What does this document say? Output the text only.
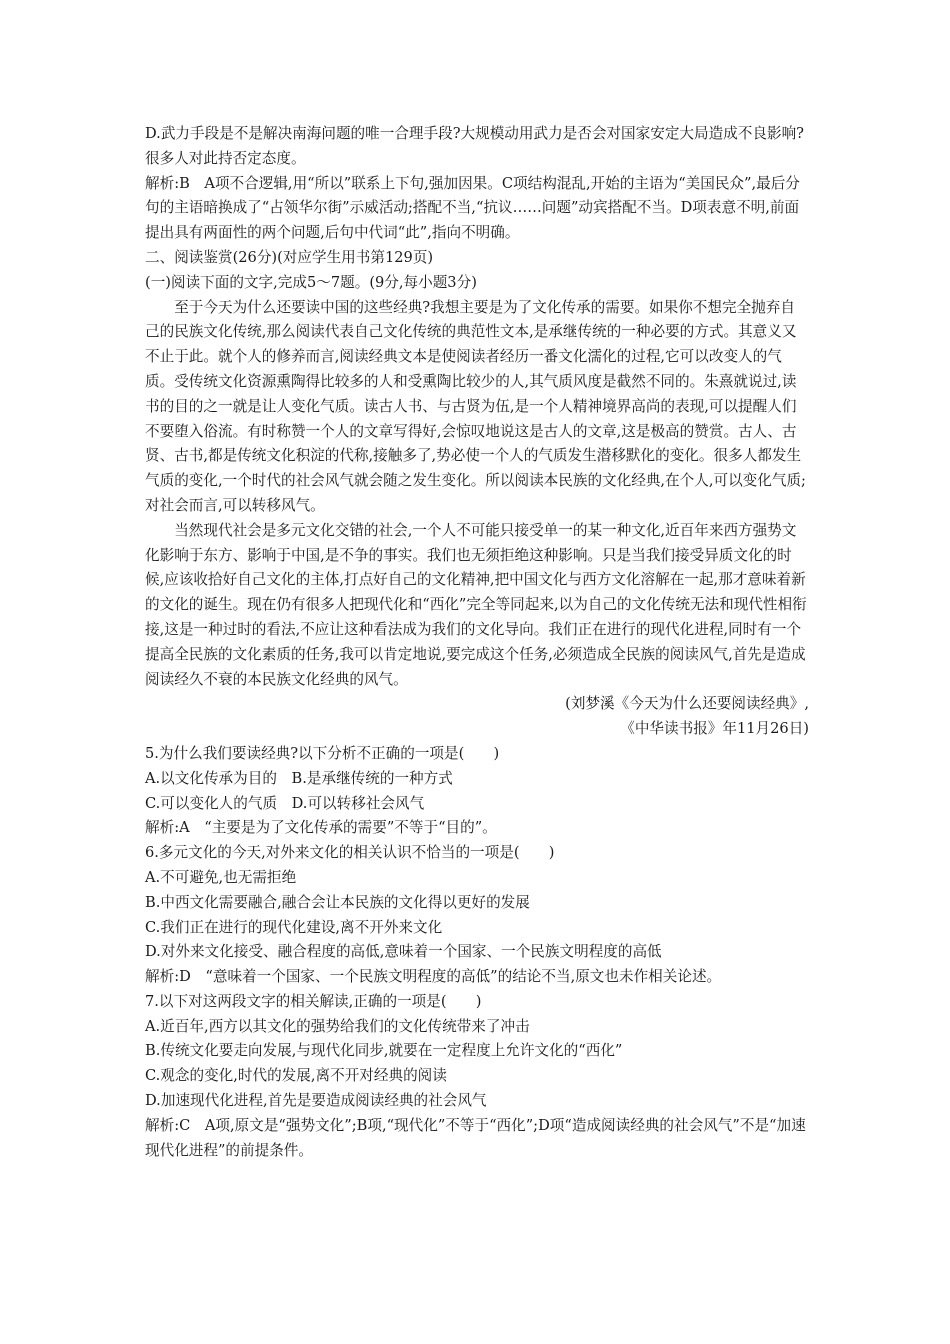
D.武力手段是不是解决南海问题的唯一合理手段?大规模动用武力是否会对国家安定大局造成不良影响?很多人对此持否定态度。

解析:B　A项不合逻辑,用“所以”联系上下句,强加因果。C项结构混乱,开始的主语为“美国民众”,最后分句的主语暗换成了“占领华尔街”示威活动;搭配不当,“抗议……问题”动宾搭配不当。D项表意不明,前面提出具有两面性的两个问题,后句中代词“此”,指向不明确。

二、阅读鉴赏(26分)(对应学生用书第129页)

(一)阅读下面的文字,完成5～7题。(9分,每小题3分)

至于今天为什么还要读中国的这些经典?我想主要是为了文化传承的需要。如果你不想完全抛弃自己的民族文化传统,那么阅读代表自己文化传统的典范性文本,是承继传统的一种必要的方式。其意义又不止于此。就个人的修养而言,阅读经典文本是使阅读者经历一番文化濡化的过程,它可以改变人的气质。受传统文化资源熏陶得比较多的人和受熏陶比较少的人,其气质风度是截然不同的。朱熹就说过,读书的目的之一就是让人变化气质。读古人书、与古贤为伍,是一个人精神境界高尚的表现,可以提醒人们不要堕入俗流。有时称赞一个人的文章写得好,会惊叹地说这是古人的文章,这是极高的赞赏。古人、古贤、古书,都是传统文化积淀的代称,接触多了,势必使一个人的气质发生潜移默化的变化。很多人都发生气质的变化,一个时代的社会风气就会随之发生变化。所以阅读本民族的文化经典,在个人,可以变化气质;对社会而言,可以转移风气。

当然现代社会是多元文化交错的社会,一个人不可能只接受单一的某一种文化,近百年来西方强势文化影响于东方、影响于中国,是不争的事实。我们也无须拒绝这种影响。只是当我们接受异质文化的时候,应该收拾好自己文化的主体,打点好自己的文化精神,把中国文化与西方文化溶解在一起,那才意味着新的文化的诞生。现在仍有很多人把现代化和“西化”完全等同起来,以为自己的文化传统无法和现代性相衔接,这是一种过时的看法,不应让这种看法成为我们的文化导向。我们正在进行的现代化进程,同时有一个提高全民族的文化素质的任务,我可以肯定地说,要完成这个任务,必须造成全民族的阅读风气,首先是造成阅读经久不衰的本民族文化经典的风气。

(刘梦溪《今天为什么还要阅读经典》,
《中华读书报》年11月26日)

5.为什么我们要读经典?以下分析不正确的一项是(　　)

A.以文化传承为目的　B.是承继传统的一种方式

C.可以变化人的气质　D.可以转移社会风气

解析:A　“主要是为了文化传承的需要”不等于“目的”。

6.多元文化的今天,对外来文化的相关认识不恰当的一项是(　　)

A.不可避免,也无需拒绝

B.中西文化需要融合,融合会让本民族的文化得以更好的发展

C.我们正在进行的现代化建设,离不开外来文化

D.对外来文化接受、融合程度的高低,意味着一个国家、一个民族文明程度的高低

解析:D　“意味着一个国家、一个民族文明程度的高低”的结论不当,原文也未作相关论述。

7.以下对这两段文字的相关解读,正确的一项是(　　)

A.近百年,西方以其文化的强势给我们的文化传统带来了冲击

B.传统文化要走向发展,与现代化同步,就要在一定程度上允许文化的“西化”

C.观念的变化,时代的发展,离不开对经典的阅读

D.加速现代化进程,首先是要造成阅读经典的社会风气

解析:C　A项,原文是“强势文化”;B项,“现代化”不等于“西化”;D项“造成阅读经典的社会风气”不是“加速现代化进程”的前提条件。
